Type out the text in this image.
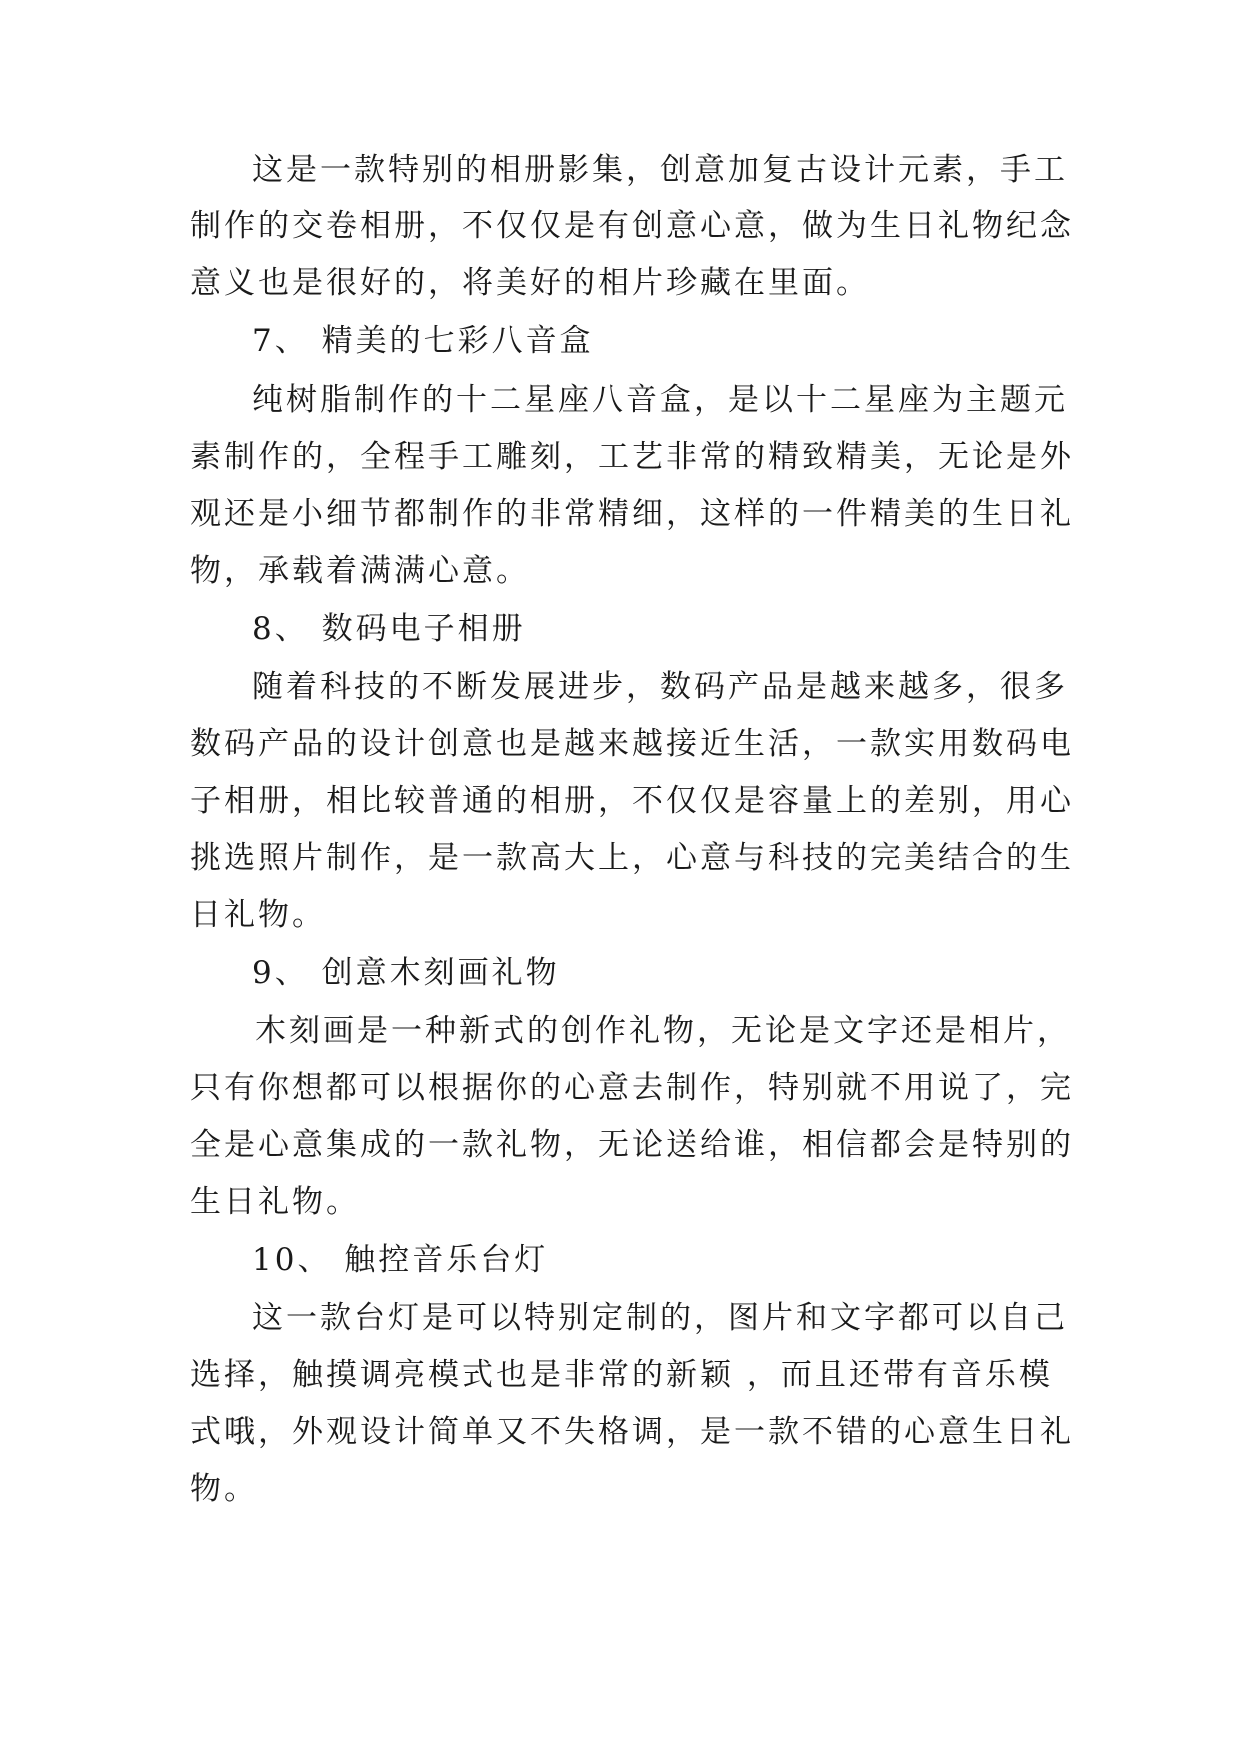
这是一款特别的相册影集，创意加复古设计元素，手工
制作的交卷相册，不仅仅是有创意心意，做为生日礼物纪念
意义也是很好的，将美好的相片珍藏在里面。
7、 精美的七彩八音盒
纯树脂制作的十二星座八音盒，是以十二星座为主题元
素制作的，全程手工雕刻，工艺非常的精致精美，无论是外
观还是小细节都制作的非常精细，这样的一件精美的生日礼
物，承载着满满心意。
8、 数码电子相册
随着科技的不断发展进步，数码产品是越来越多，很多
数码产品的设计创意也是越来越接近生活，一款实用数码电
子相册，相比较普通的相册，不仅仅是容量上的差别，用心
挑选照片制作，是一款高大上，心意与科技的完美结合的生
日礼物。
9、 创意木刻画礼物
木刻画是一种新式的创作礼物，无论是文字还是相片，
只有你想都可以根据你的心意去制作，特别就不用说了，完
全是心意集成的一款礼物，无论送给谁，相信都会是特别的
生日礼物。
10、 触控音乐台灯
这一款台灯是可以特别定制的，图片和文字都可以自己
选择，触摸调亮模式也是非常的新颖 ，而且还带有音乐模
式哦，外观设计简单又不失格调，是一款不错的心意生日礼
物。
